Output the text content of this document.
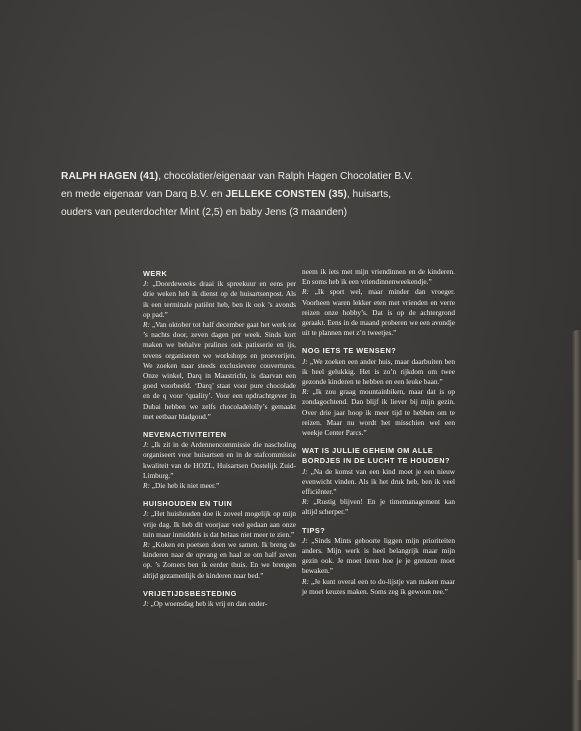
RALPH HAGEN (41), chocolatier/eigenaar van Ralph Hagen Chocolatier B.V.
en mede eigenaar van Darq B.V. en JELLEKE CONSTEN (35), huisarts,
ouders van peuterdochter Mint (2,5) en baby Jens (3 maanden)
WERK

J: „Doordeweeks draai ik spreekuur en eens per drie weken heb ik dienst op de huisartsenpost. Als ik een terminale patiënt heb, ben ik ook ’s avonds op pad.”

R: „Van oktober tot half december gaat het werk tot ’s nachts door, zeven dagen per week. Sinds kort maken we behalve pralines ook patisserie en ijs, tevens organiseren we workshops en proeverijen. We zoeken naar steeds exclusievere couvertures. Onze winkel, Darq in Maastricht, is daarvan een goed voorbeeld. ‘Darq’ staat voor pure chocolade en de q voor ‘quality’. Voor een opdrachtgever in Dubai hebben we zelfs chocoladelolly’s gemaakt met eetbaar bladgoud.”

NEVENACTIVITEITEN

J: „Ik zit in de Ardennencommissie die nascholing organiseert voor huisartsen en in de stafcommissie kwaliteit van de HOZL, Huisartsen Oostelijk Zuid-Limburg.”

R: „Die heb ik niet meer.”

HUISHOUDEN EN TUIN

J: „Het huishouden doe ik zoveel mogelijk op mijn vrije dag. Ik heb dit voorjaar veel gedaan aan onze tuin maar inmiddels is dat belaas niet meer te zien.”

R: „Koken en poetsen doen we samen. Ik breng de kinderen naar de opvang en haal ze om half zeven op. ’s Zomers ben ik eerder thuis. En we brengen altijd gezamenlijk de kinderen naar bed.”

VRIJETIJDSBESTEDING

J: „Op woensdag heb ik vrij en dan onder-

neem ik iets met mijn vriendinnen en de kinderen. En soms heb ik een vriendinnenweekendje.”

R: „Ik sport wel, maar minder dan vroeger. Voorheen waren lekker eten met vrienden en verre reizen onze hobby’s. Dat is op de achtergrond geraakt. Eens in de maand proberen we een avondje uit te plannen met z’n tweetjes.”

NOG IETS TE WENSEN?

J: „We zoeken een ander huis, maar daarbuiten ben ik heel gelukkig. Het is zo’n rijkdom om twee gezonde kinderen te hebben en een leuke baan.”

R: „Ik zou graag mountainbiken, maar dat is op zondagochtend. Dan blijf ik liever bij mijn gezin. Over drie jaar hoop ik meer tijd te hebben om te reizen. Maar nu wordt het misschien wel een weekje Center Parcs.”

WAT IS JULLIE GEHEIM OM ALLE BORDJES IN DE LUCHT TE HOUDEN?

J: „Na de komst van een kind moet je een nieuw evenwicht vinden. Als ik het druk heb, ben ik veel efficiënter.”

R: „Rustig blijven! En je timemanagement kan altijd scherper.”

TIPS?

J: „Sinds Mints geboorte liggen mijn prioriteiten anders. Mijn werk is heel belangrijk maar mijn gezin ook. Je moet leren hoe je je grenzen moet bewaken.”

R: „Je kunt overal een to do-lijstje van maken maar je moet keuzes maken. Soms zeg ik gewoon nee.”
